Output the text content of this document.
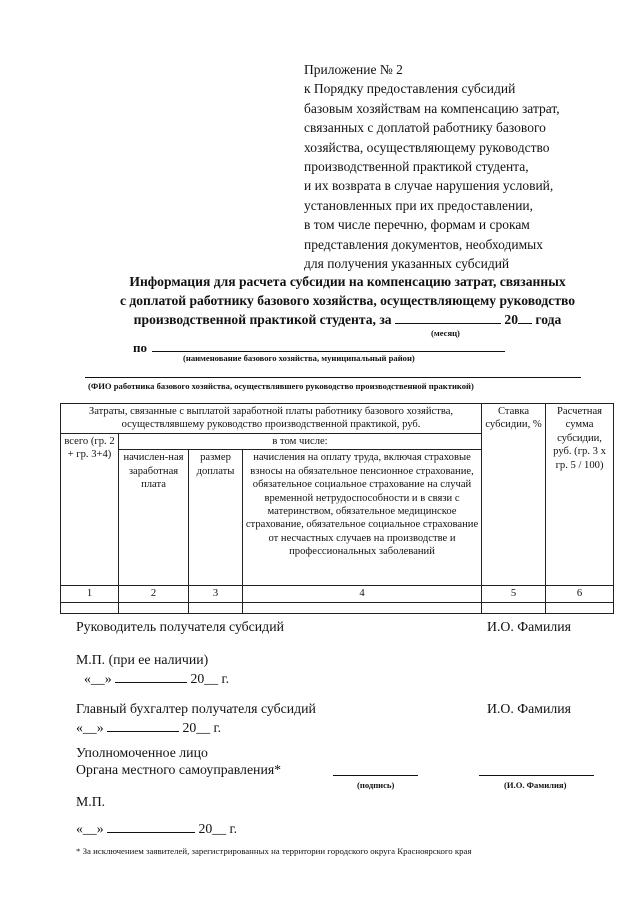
Приложение № 2
к Порядку предоставления субсидий
базовым хозяйствам на компенсацию затрат,
связанных с доплатой работнику базового
хозяйства, осуществляющему руководство
производственной практикой студента,
и их возврата в случае нарушения условий,
установленных при их предоставлении,
в том числе перечню, формам и срокам
представления документов, необходимых
для получения указанных субсидий
Информация для расчета субсидии на компенсацию затрат, связанных
с доплатой работнику базового хозяйства, осуществляющему руководство
производственной практикой студента, за	20 года
(месяц)
по
(наименование базового хозяйства, муниципальный район)
(ФИО работника базового хозяйства, осуществлявшего руководство производственной практикой)
Затраты, связанные с выплатой заработной платы работнику базового хозяйства, осуществлявшему руководство производственной практикой, руб.				Ставка субсидии, %	Расчетная сумма субсидии, руб. (гр. 3 х гр. 5 / 100)
всего (гр. 2 + гр. 3+4)	в том числе:				
	начислен-ная заработная плата	размер доплаты	начисления на оплату труда, включая страховые взносы на обязательное пенсионное страхование, обязательное социальное страхование на случай временной нетрудоспособности и в связи с материнством, обязательное медицинское страхование, обязательное социальное страхование от несчастных случаев на производстве и профессиональных заболеваний		
1	2	3	4	5	6

Руководитель получателя субсидий	И.О. Фамилия
М.П. (при ее наличии)
«__»	20__ г.
Главный бухгалтер получателя субсидий	И.О. Фамилия
«__»	20__ г.
Уполномоченное лицо
Органа местного самоуправления*
(подпись)	(И.О. Фамилия)
М.П.
«__»	20__ г.
* За исключением заявителей, зарегистрированных на территории городского округа Красноярского края
